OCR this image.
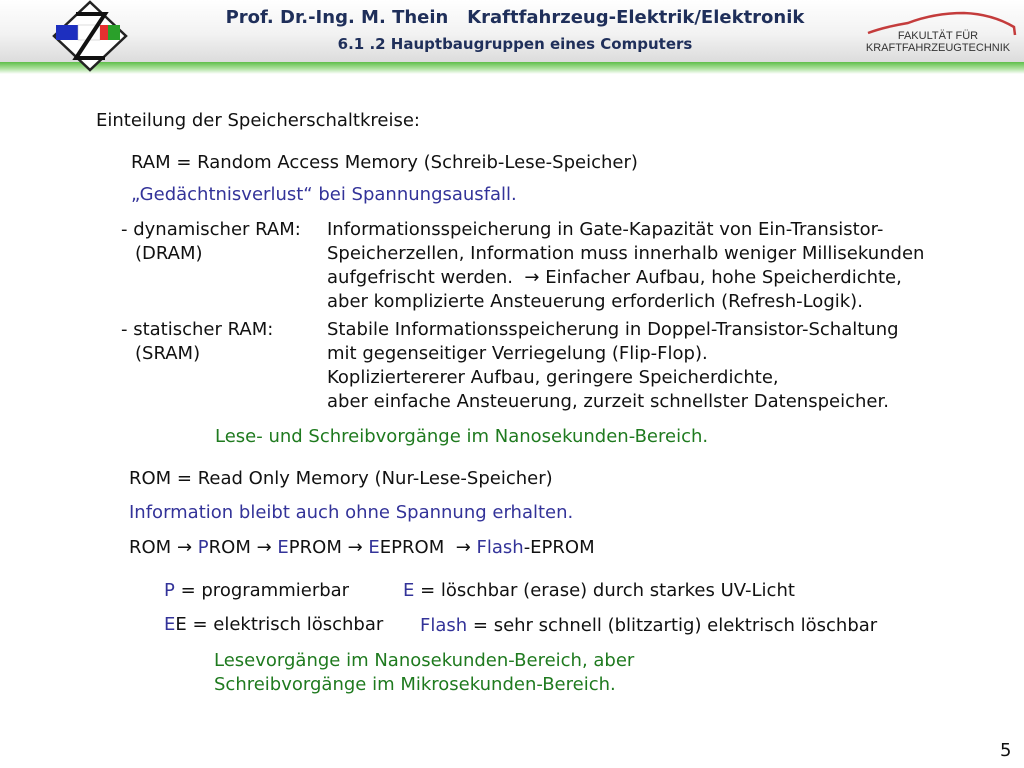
Prof. Dr.-Ing. M. Thein   Kraftfahrzeug-Elektrik/Elektronik
6.1 .2 Hauptbaugruppen eines Computers	FAKULTÄT FÜR
KRAFTFAHRZEUGTECHNIK
Einteilung der Speicherschaltkreise:
RAM = Random Access Memory (Schreib-Lese-Speicher)
„Gedächtnisverlust“ bei Spannungsausfall.
- dynamischer RAM:
(DRAM)
Informationsspeicherung in Gate-Kapazität von Ein-Transistor-
Speicherzellen, Information muss innerhalb weniger Millisekunden
aufgefrischt werden.  → Einfacher Aufbau, hohe Speicherdichte,
aber komplizierte Ansteuerung erforderlich (Refresh-Logik).
- statischer RAM:
(SRAM)
Stabile Informationsspeicherung in Doppel-Transistor-Schaltung
mit gegenseitiger Verriegelung (Flip-Flop).
Kopliziertererer Aufbau, geringere Speicherdichte,
aber einfache Ansteuerung, zurzeit schnellster Datenspeicher.
Lese- und Schreibvorgänge im Nanosekunden-Bereich.
ROM = Read Only Memory (Nur-Lese-Speicher)
Information bleibt auch ohne Spannung erhalten.
ROM → PROM → EPROM → EEPROM → Flash-EPROM
P = programmierbar	E = löschbar (erase) durch starkes UV-Licht
EE = elektrisch löschbar Flash = sehr schnell (blitzartig) elektrisch löschbar
Lesevorgänge im Nanosekunden-Bereich, aber
Schreibvorgänge im Mikrosekunden-Bereich.
5
